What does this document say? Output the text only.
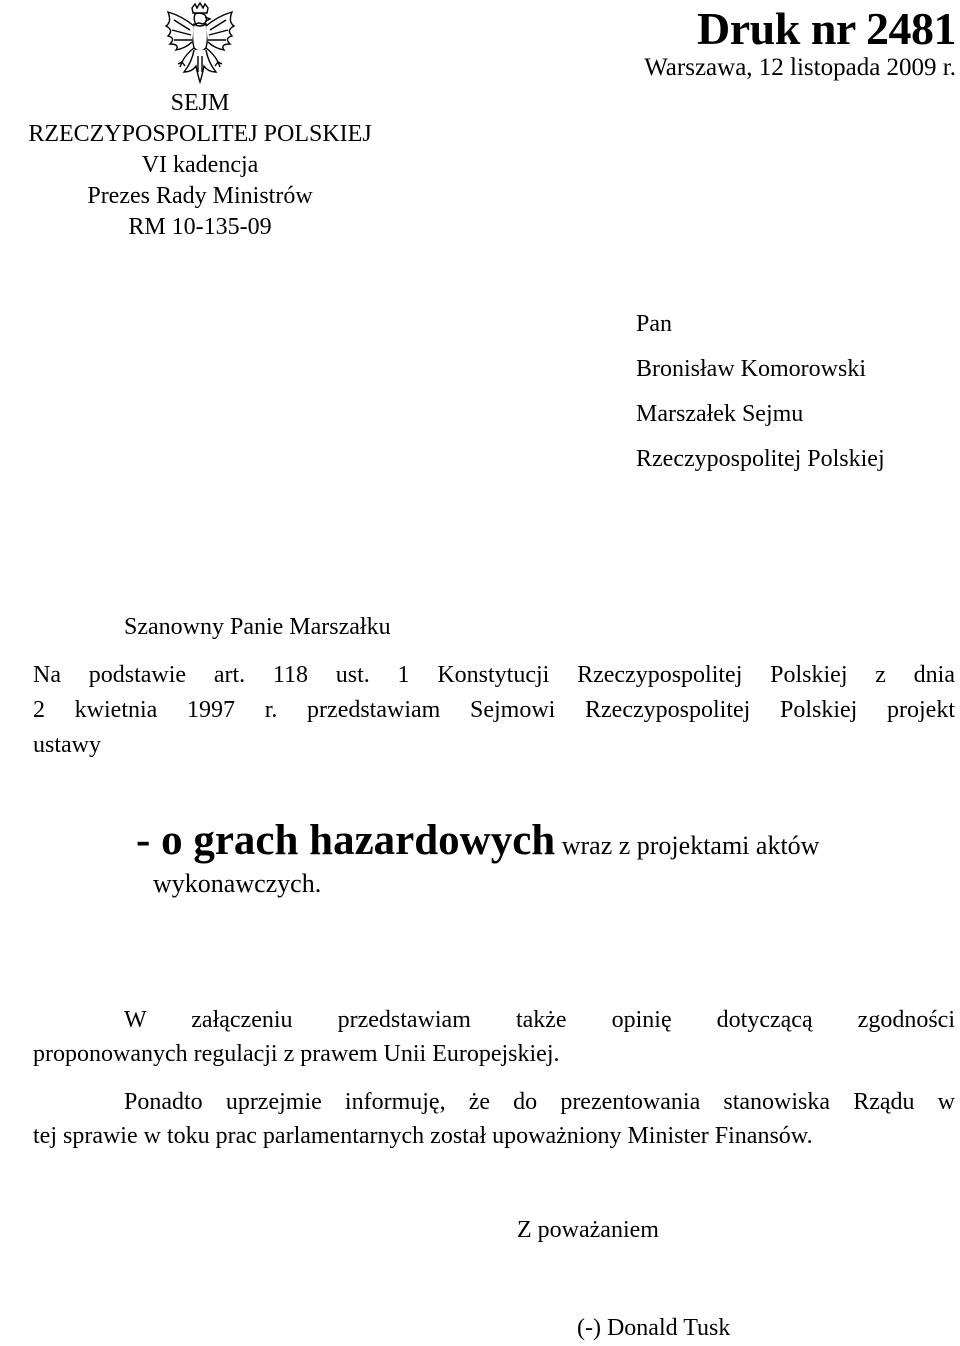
SEJM
RZECZYPOSPOLITEJ POLSKIEJ
VI kadencja
Prezes Rady Ministrów
RM 10-135-09
Druk nr 2481
Warszawa, 12 listopada 2009 r.
Pan
Bronisław Komorowski
Marszałek Sejmu
Rzeczypospolitej Polskiej
Szanowny Panie Marszałku
Na podstawie art. 118 ust. 1 Konstytucji Rzeczypospolitej Polskiej z dnia
2 kwietnia 1997 r. przedstawiam Sejmowi Rzeczypospolitej Polskiej projekt
ustawy
- o grach hazardowych wraz z projektami aktów
wykonawczych.
W załączeniu przedstawiam także opinię dotyczącą zgodności
proponowanych regulacji z prawem Unii Europejskiej.
Ponadto uprzejmie informuję, że do prezentowania stanowiska Rządu w
tej sprawie w toku prac parlamentarnych został upoważniony Minister Finansów.
Z poważaniem
(-) Donald Tusk
